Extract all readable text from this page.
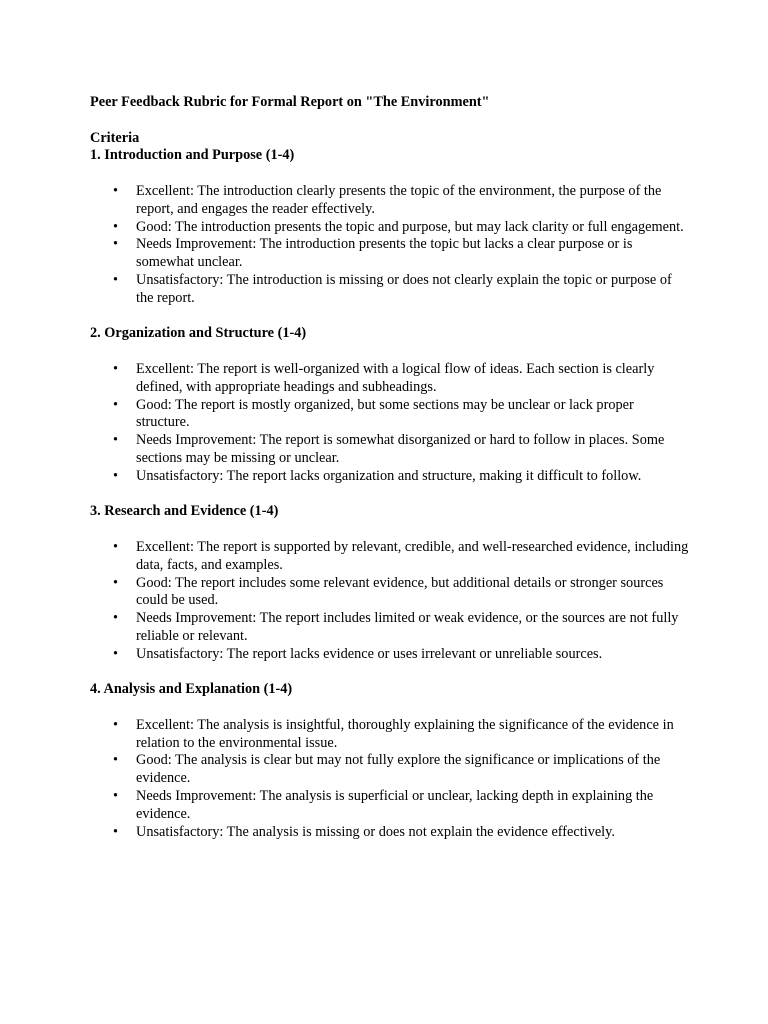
Peer Feedback Rubric for Formal Report on "The Environment"

Criteria

1. Introduction and Purpose (1-4)

• Excellent: The introduction clearly presents the topic of the environment, the purpose of the report, and engages the reader effectively.
• Good: The introduction presents the topic and purpose, but may lack clarity or full engagement.
• Needs Improvement: The introduction presents the topic but lacks a clear purpose or is somewhat unclear.
• Unsatisfactory: The introduction is missing or does not clearly explain the topic or purpose of the report.

2. Organization and Structure (1-4)

• Excellent: The report is well-organized with a logical flow of ideas. Each section is clearly defined, with appropriate headings and subheadings.
• Good: The report is mostly organized, but some sections may be unclear or lack proper structure.
• Needs Improvement: The report is somewhat disorganized or hard to follow in places. Some sections may be missing or unclear.
• Unsatisfactory: The report lacks organization and structure, making it difficult to follow.

3. Research and Evidence (1-4)

• Excellent: The report is supported by relevant, credible, and well-researched evidence, including data, facts, and examples.
• Good: The report includes some relevant evidence, but additional details or stronger sources could be used.
• Needs Improvement: The report includes limited or weak evidence, or the sources are not fully reliable or relevant.
• Unsatisfactory: The report lacks evidence or uses irrelevant or unreliable sources.

4. Analysis and Explanation (1-4)

• Excellent: The analysis is insightful, thoroughly explaining the significance of the evidence in relation to the environmental issue.
• Good: The analysis is clear but may not fully explore the significance or implications of the evidence.
• Needs Improvement: The analysis is superficial or unclear, lacking depth in explaining the evidence.
• Unsatisfactory: The analysis is missing or does not explain the evidence effectively.
